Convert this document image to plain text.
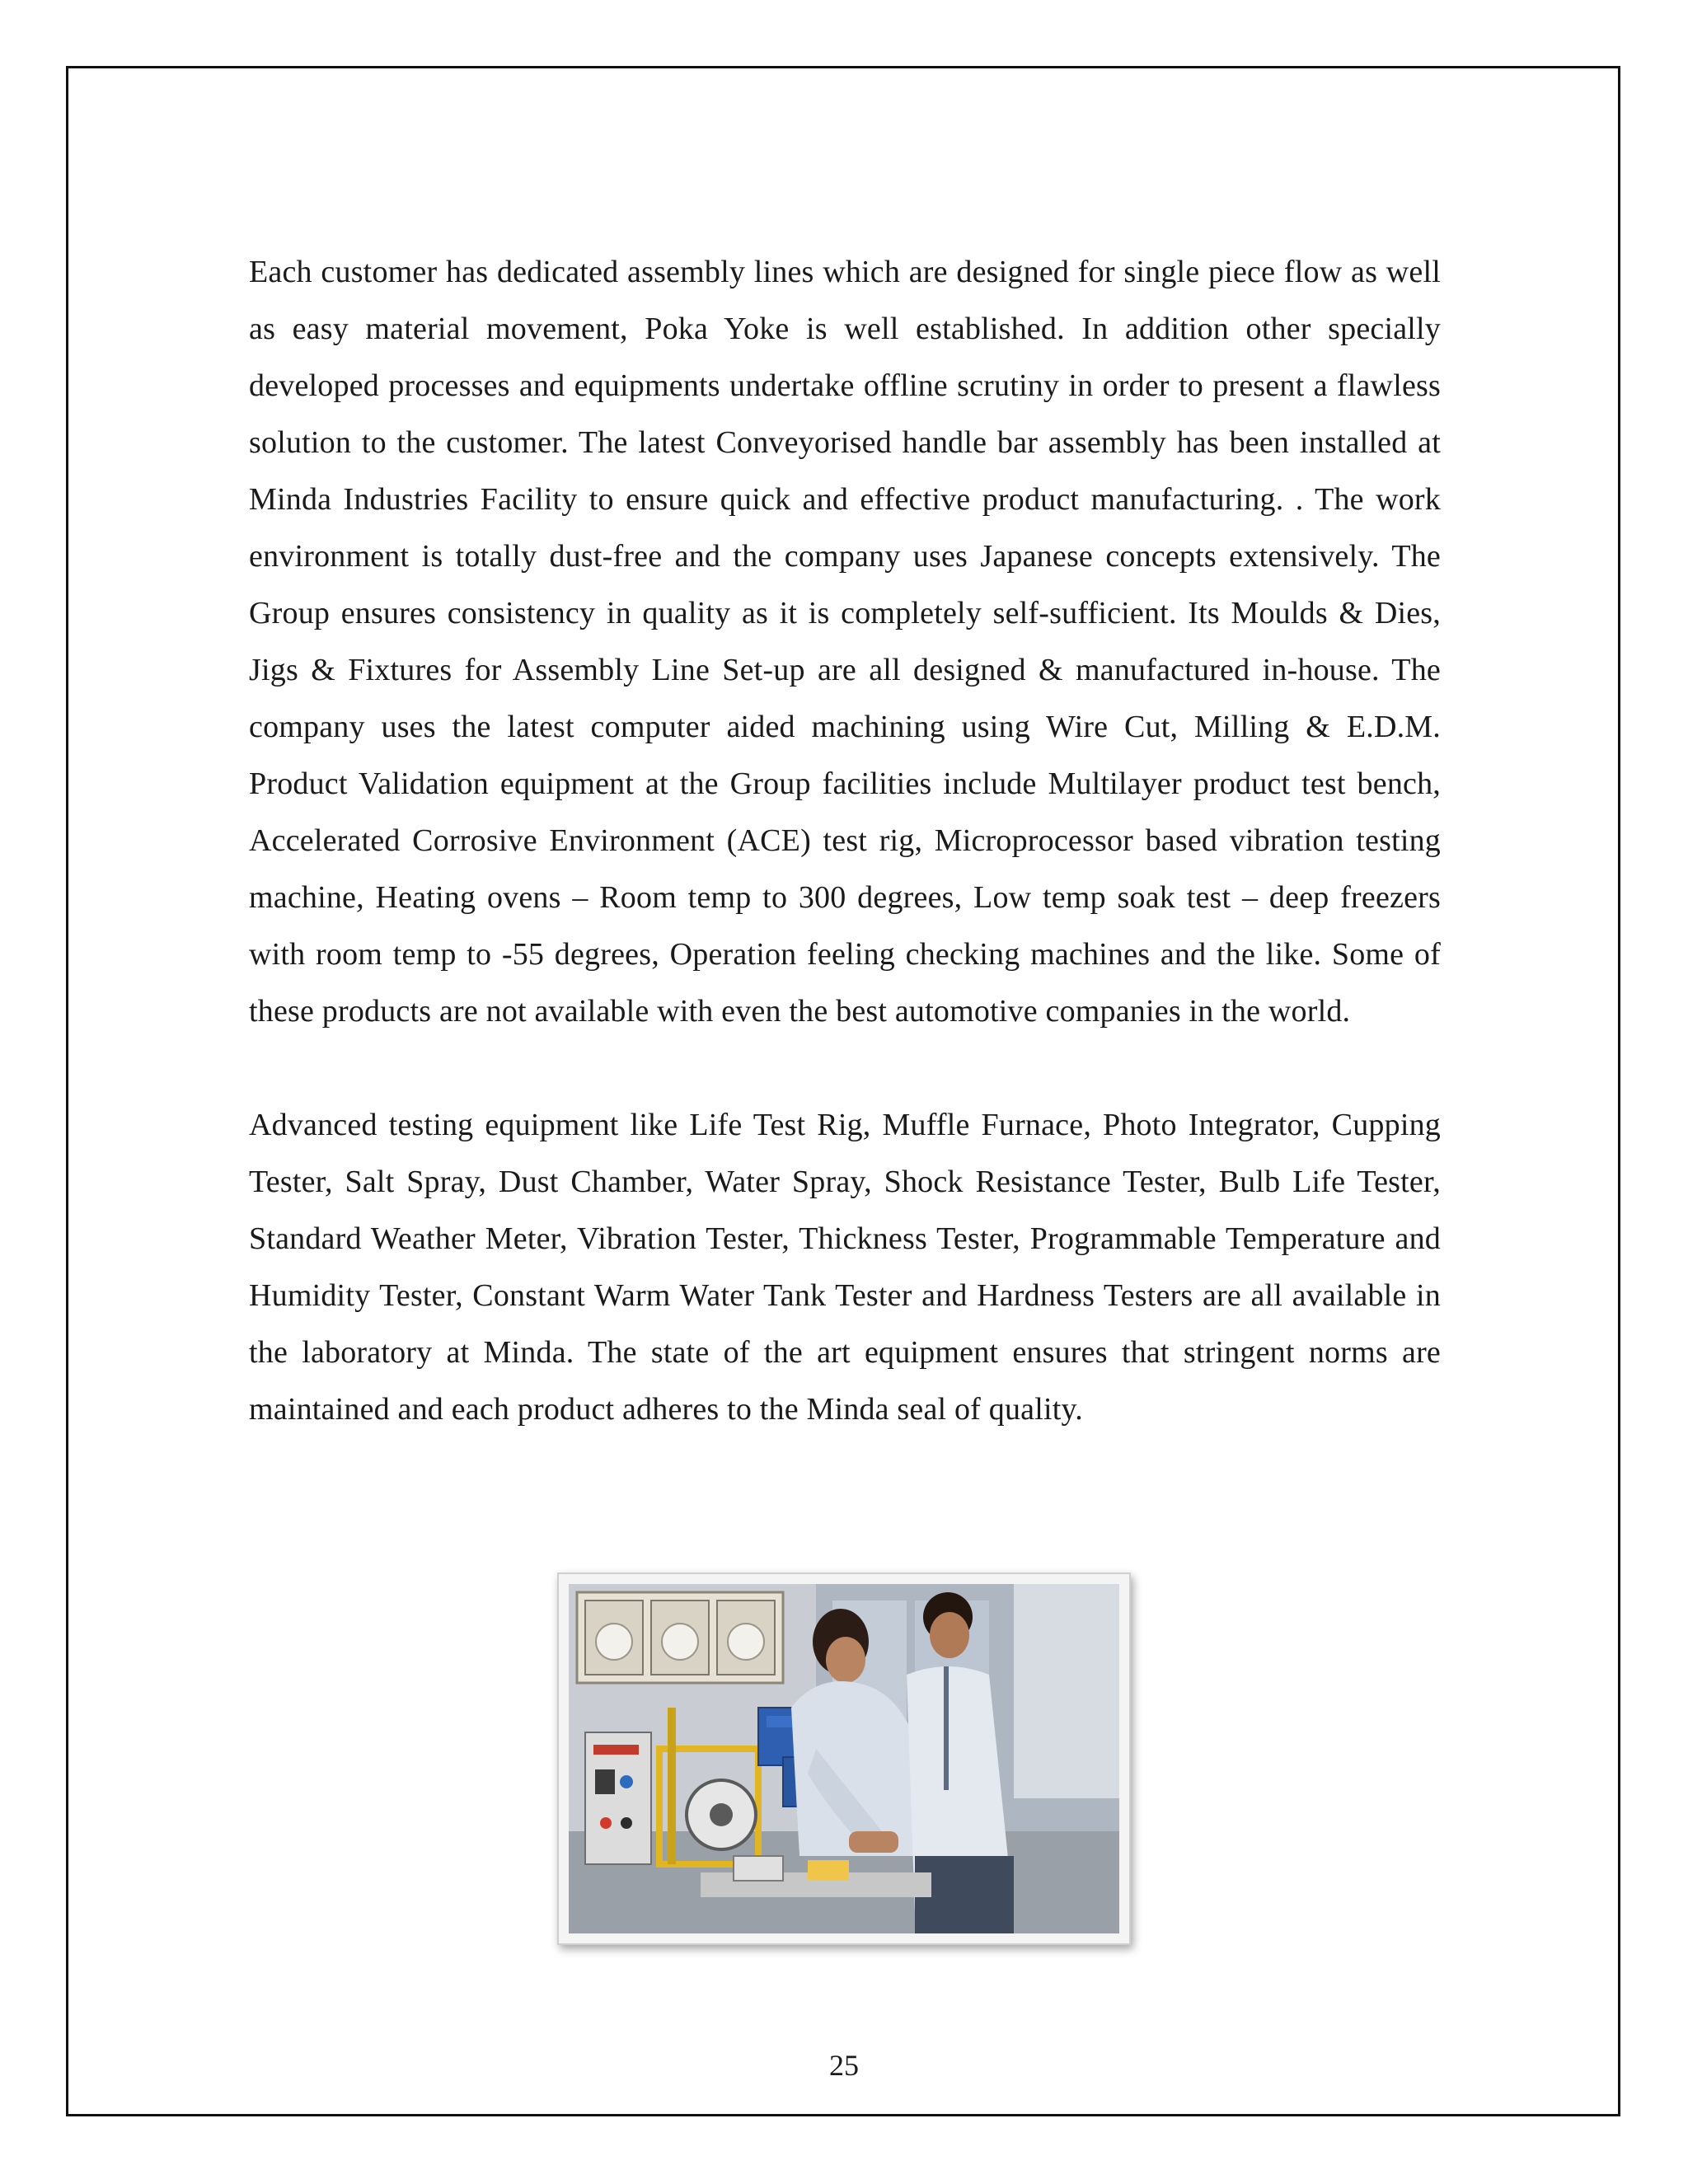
Each customer has dedicated assembly lines which are designed for single piece flow as well as easy material movement, Poka Yoke is well established. In addition other specially developed processes and equipments undertake offline scrutiny in order to present a flawless solution to the customer. The latest Conveyorised handle bar assembly has been installed at Minda Industries Facility to ensure quick and effective product manufacturing. . The work environment is totally dust-free and the company uses Japanese concepts extensively. The Group ensures consistency in quality as it is completely self-sufficient. Its Moulds & Dies, Jigs & Fixtures for Assembly Line Set-up are all designed & manufactured in-house. The company uses the latest computer aided machining using Wire Cut, Milling & E.D.M. Product Validation equipment at the Group facilities include Multilayer product test bench, Accelerated Corrosive Environment (ACE) test rig, Microprocessor based vibration testing machine, Heating ovens – Room temp to 300 degrees, Low temp soak test – deep freezers with room temp to -55 degrees, Operation feeling checking machines and the like. Some of these products are not available with even the best automotive companies in the world.

Advanced testing equipment like Life Test Rig, Muffle Furnace, Photo Integrator, Cupping Tester, Salt Spray, Dust Chamber, Water Spray, Shock Resistance Tester, Bulb Life Tester, Standard Weather Meter, Vibration Tester, Thickness Tester, Programmable Temperature and Humidity Tester, Constant Warm Water Tank Tester and Hardness Testers are all available in the laboratory at Minda. The state of the art equipment ensures that stringent norms are maintained and each product adheres to the Minda seal of quality.

25
